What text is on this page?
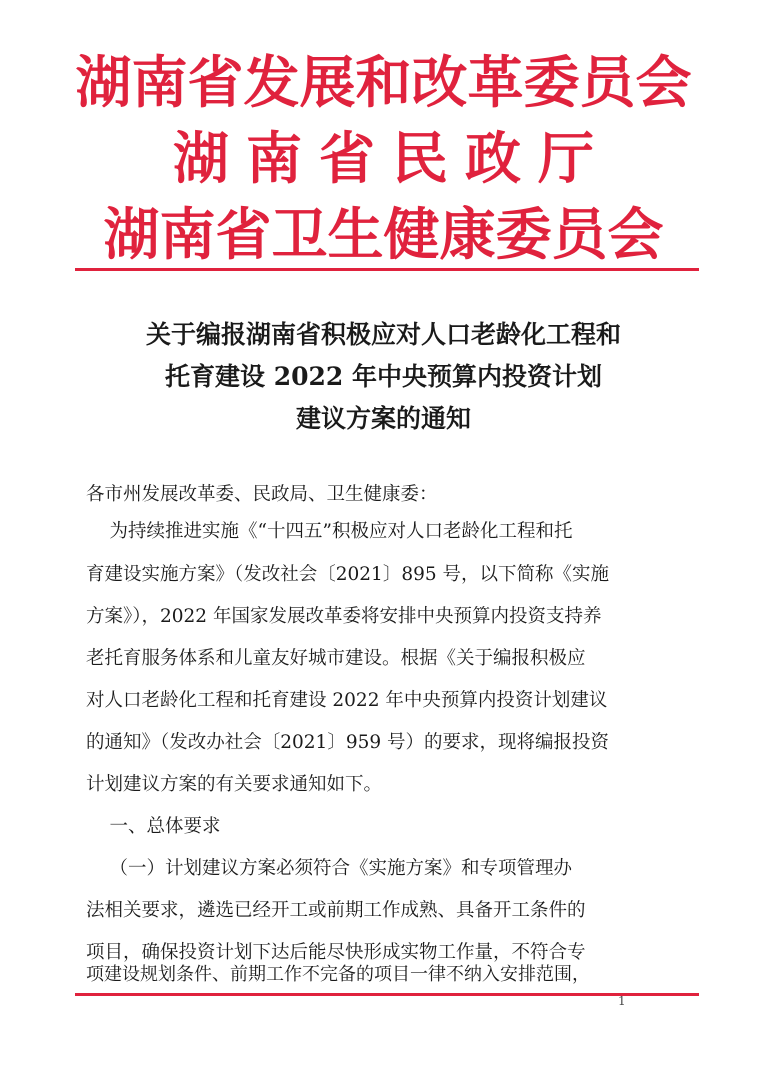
湖南省发展和改革委员会
湖南省民政厅
湖南省卫生健康委员会
关于编报湖南省积极应对人口老龄化工程和
托育建设 2022 年中央预算内投资计划
建议方案的通知
各市州发展改革委、民政局、卫生健康委：
为持续推进实施《“十四五”积极应对人口老龄化工程和托
育建设实施方案》（发改社会〔2021〕895 号，以下简称《实施
方案》），2022 年国家发展改革委将安排中央预算内投资支持养
老托育服务体系和儿童友好城市建设。根据《关于编报积极应
对人口老龄化工程和托育建设 2022 年中央预算内投资计划建议
的通知》（发改办社会〔2021〕959 号）的要求，现将编报投资
计划建议方案的有关要求通知如下。
一、总体要求
（一）计划建议方案必须符合《实施方案》和专项管理办
法相关要求，遴选已经开工或前期工作成熟、具备开工条件的
项目，确保投资计划下达后能尽快形成实物工作量，不符合专
项建设规划条件、前期工作不完备的项目一律不纳入安排范围，
1
